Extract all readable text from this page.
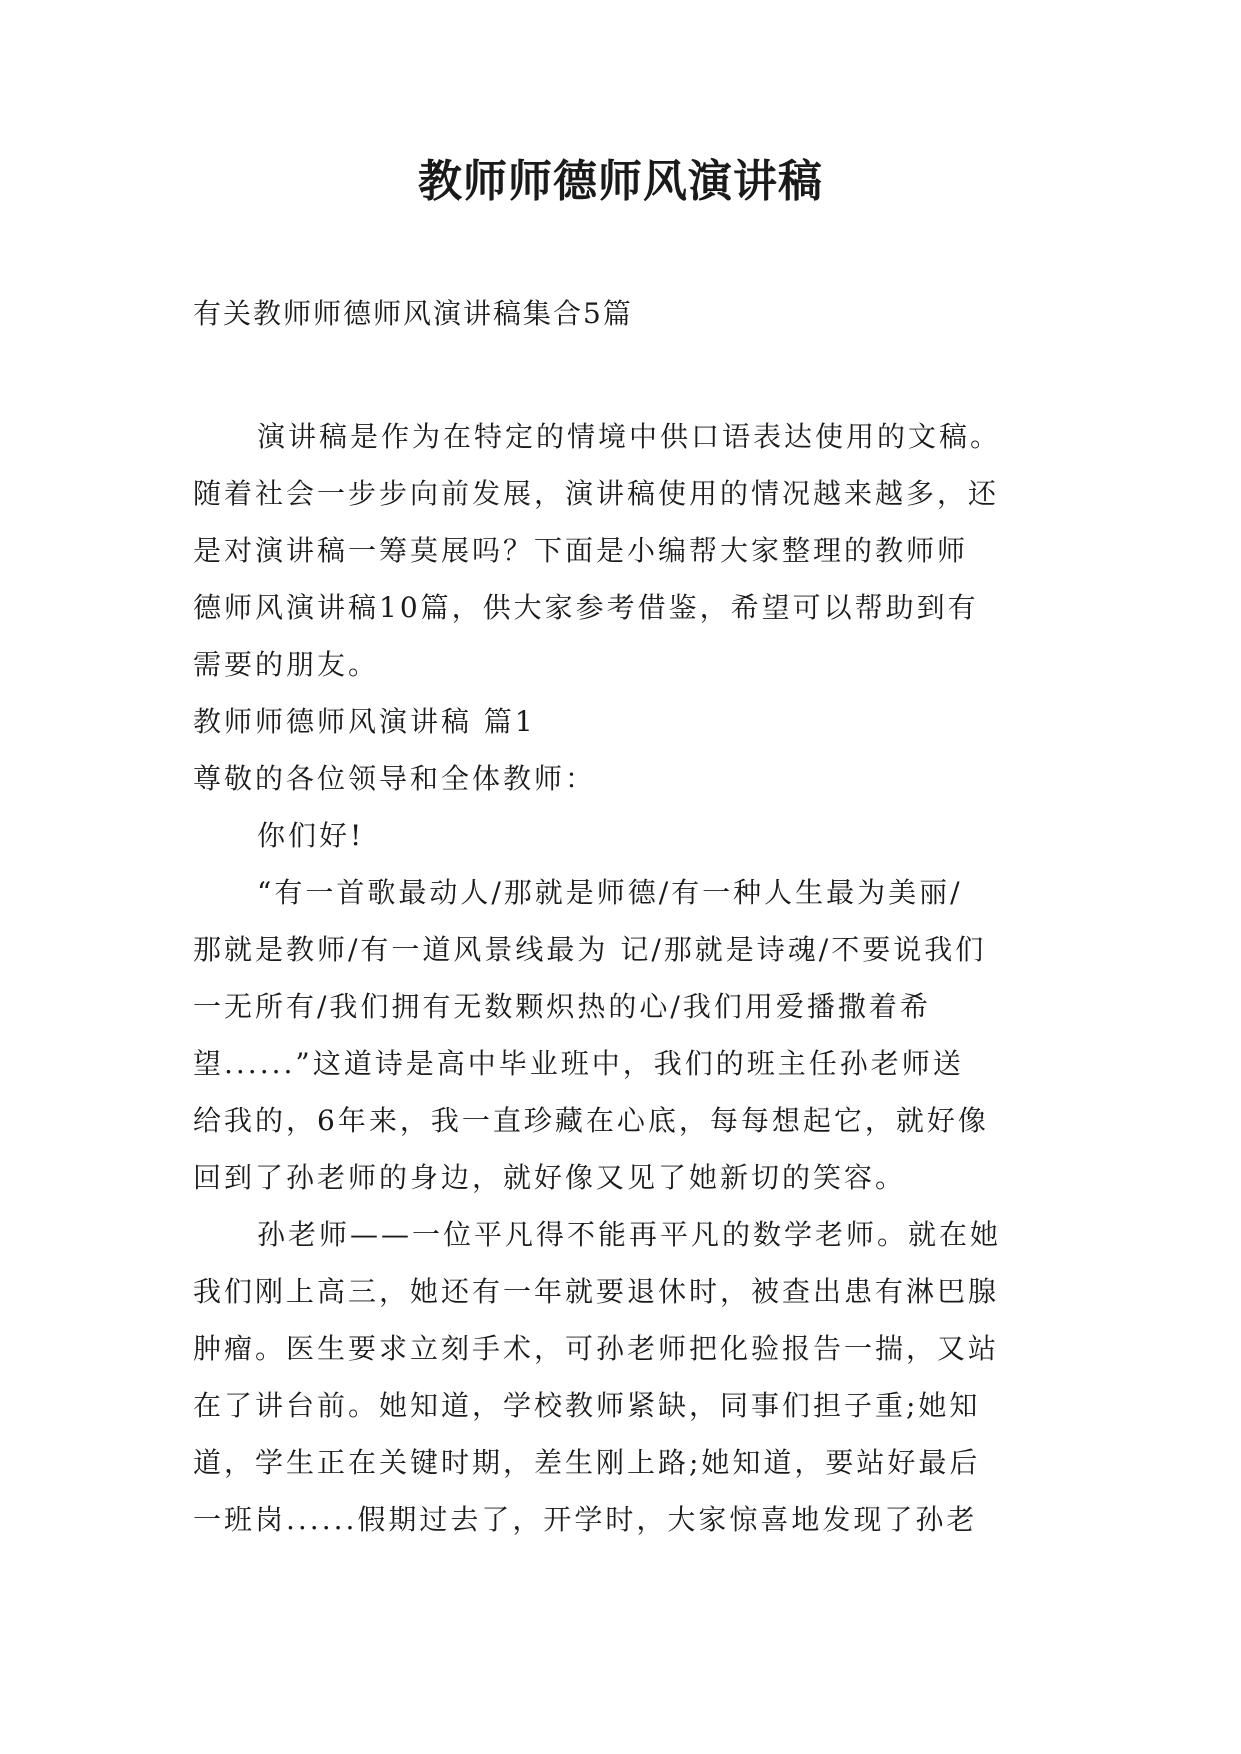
教师师德师风演讲稿

有关教师师德师风演讲稿集合5篇

演讲稿是作为在特定的情境中供口语表达使用的文稿。

随着社会一步步向前发展，演讲稿使用的情况越来越多，还

是对演讲稿一筹莫展吗？下面是小编帮大家整理的教师师

德师风演讲稿10篇，供大家参考借鉴，希望可以帮助到有

需要的朋友。

教师师德师风演讲稿 篇1

尊敬的各位领导和全体教师：

你们好!

“有一首歌最动人/那就是师德/有一种人生最为美丽/

那就是教师/有一道风景线最为 记/那就是诗魂/不要说我们

一无所有/我们拥有无数颗炽热的心/我们用爱播撒着希

望......”这道诗是高中毕业班中，我们的班主任孙老师送

给我的，6年来，我一直珍藏在心底，每每想起它，就好像

回到了孙老师的身边，就好像又见了她新切的笑容。

孙老师——一位平凡得不能再平凡的数学老师。就在她

我们刚上高三，她还有一年就要退休时，被查出患有淋巴腺

肿瘤。医生要求立刻手术，可孙老师把化验报告一揣，又站

在了讲台前。她知道，学校教师紧缺，同事们担子重;她知

道，学生正在关键时期，差生刚上路;她知道，要站好最后

一班岗......假期过去了，开学时，大家惊喜地发现了孙老
